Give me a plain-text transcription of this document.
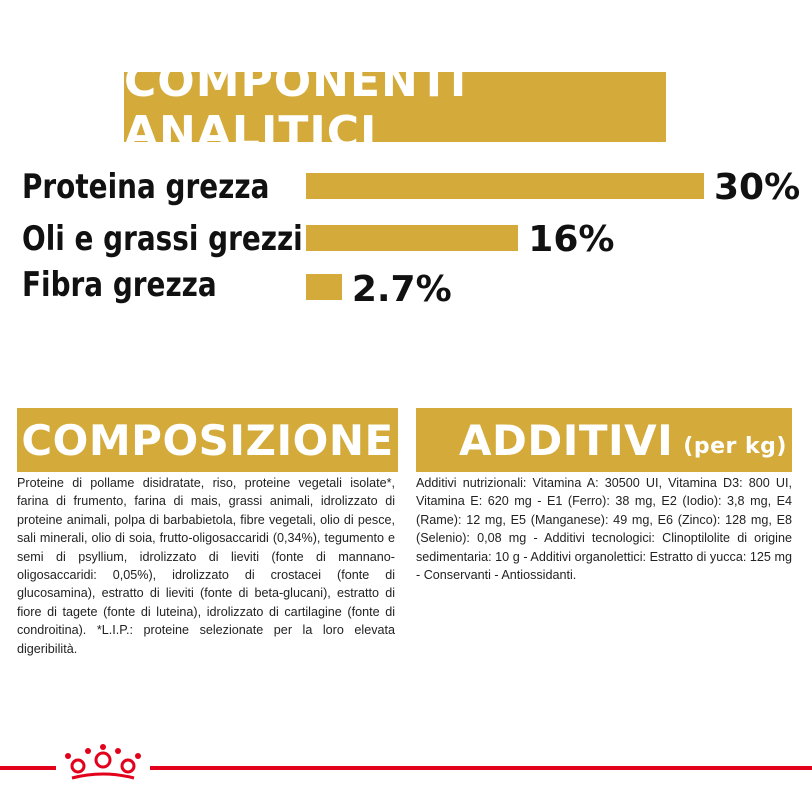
COMPONENTI ANALITICI
Proteina grezza	30%
Oli e grassi grezzi	16%
Fibra grezza	2.7%
COMPOSIZIONE
Proteine di pollame disidratate, riso, proteine vegetali isolate*, farina di frumento, farina di mais, grassi animali, idrolizzato di proteine animali, polpa di barbabietola, fibre vegetali, olio di pesce, sali minerali, olio di soia, frutto-oligosaccaridi (0,34%), tegumento e semi di psyllium, idrolizzato di lieviti (fonte di mannano-oligosaccaridi: 0,05%), idrolizzato di crostacei (fonte di glucosamina), estratto di lieviti (fonte di beta-glucani), estratto di fiore di tagete (fonte di luteina), idrolizzato di cartilagine (fonte di condroitina). *L.I.P.: proteine selezionate per la loro elevata digeribilità.
ADDITIVI (per kg)
Additivi nutrizionali: Vitamina A: 30500 UI, Vitamina D3: 800 UI, Vitamina E: 620 mg - E1 (Ferro): 38 mg, E2 (Iodio): 3,8 mg, E4 (Rame): 12 mg, E5 (Manganese): 49 mg, E6 (Zinco): 128 mg, E8 (Selenio): 0,08 mg - Additivi tecnologici: Clinoptilolite di origine sedimentaria: 10 g - Additivi organolettici: Estratto di yucca: 125 mg - Conservanti - Antiossidanti.
